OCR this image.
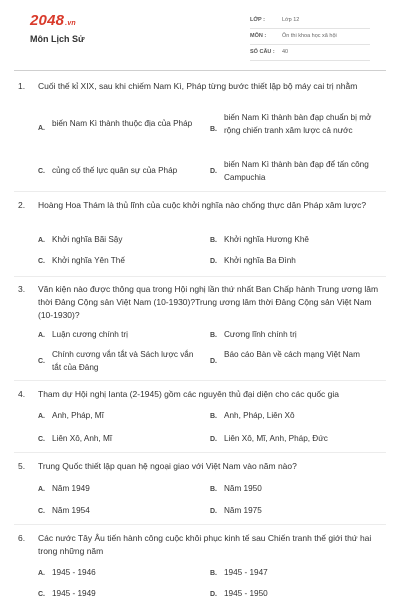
2048.vn
Môn Lịch Sử
LỚP :	Lớp 12
MÔN :	Ôn thi khoa học xã hội
SỐ CÂU : 40
1. Cuối thế kỉ XIX, sau khi chiếm Nam Kì, Pháp từng bước thiết lập bộ máy cai trị nhằm
A.
biến Nam Kì thành thuộc địa của Pháp
B.
biến Nam Kì thành bàn đạp chuẩn bị mở rộng chiến tranh xâm lược cả nước
C. củng cố thế lực quân sự của Pháp	D.
biến Nam Kì thành bàn đạp để tấn công Campuchia
2. Hoàng Hoa Thám là thủ lĩnh của cuộc khởi nghĩa nào chống thực dân Pháp xâm lược?
A. Khởi nghĩa Bãi Sậy	B. Khởi nghĩa Hương Khê
C. Khởi nghĩa Yên Thế	D. Khởi nghĩa Ba Đình
3. Văn kiện nào được thông qua trong Hội nghị lần thứ nhất Ban Chấp hành Trung ương lâm thời Đảng Cộng sản Việt Nam (10-1930)?Trung ương lâm thời Đảng Cộng sản Việt Nam (10-1930)?
A. Luận cương chính trị	B. Cương lĩnh chính trị
C.
Chính cương vắn tắt và Sách lược vắn tắt của Đảng
D.
Báo cáo Bàn về cách mạng Việt Nam
4. Tham dự Hội nghị Ianta (2-1945) gồm các nguyên thủ đại diện cho các quốc gia
A. Anh, Pháp, Mĩ	B. Anh, Pháp, Liên Xô
C. Liên Xô, Anh, Mĩ	D. Liên Xô, Mĩ, Anh, Pháp, Đức
5. Trung Quốc thiết lập quan hệ ngoại giao với Việt Nam vào năm nào?
A. Năm 1949	B. Năm 1950
C. Năm 1954	D. Năm 1975
6. Các nước Tây Âu tiến hành công cuộc khôi phục kinh tế sau Chiến tranh thế giới thứ hai trong những năm
A. 1945 - 1946	B. 1945 - 1947
C. 1945 - 1949	D. 1945 - 1950
